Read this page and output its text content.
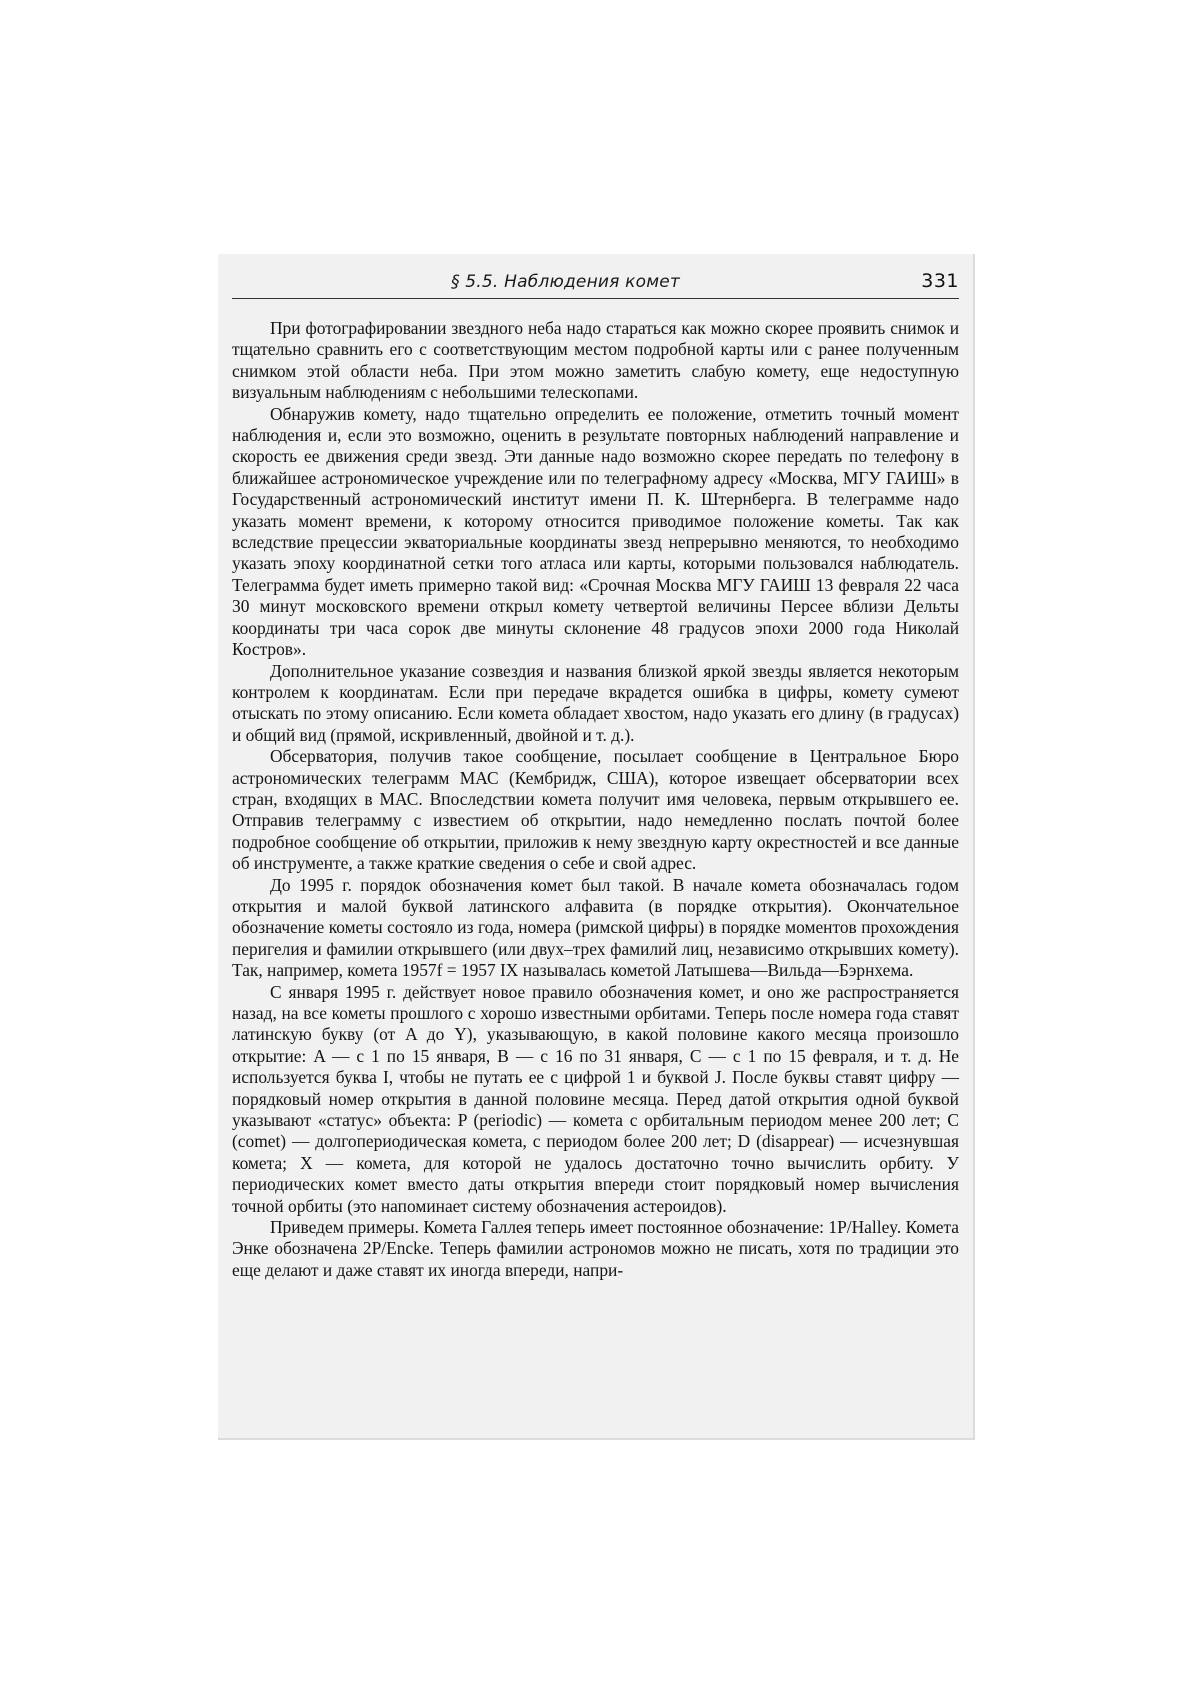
§ 5.5. Наблюдения комет	331

При фотографировании звездного неба надо стараться как можно скорее проявить снимок и тщательно сравнить его с соответствующим местом подробной карты или с ранее полученным снимком этой области неба. При этом можно заметить слабую комету, еще недоступную визуальным наблюдениям с небольшими телескопами.

Обнаружив комету, надо тщательно определить ее положение, отметить точный момент наблюдения и, если это возможно, оценить в результате повторных наблюдений направление и скорость ее движения среди звезд. Эти данные надо возможно скорее передать по телефону в ближайшее астрономическое учреждение или по телеграфному адресу «Москва, МГУ ГАИШ» в Государственный астрономический институт имени П. К. Штернберга. В телеграмме надо указать момент времени, к которому относится приводимое положение кометы. Так как вследствие прецессии экваториальные координаты звезд непрерывно меняются, то необходимо указать эпоху координатной сетки того атласа или карты, которыми пользовался наблюдатель. Телеграмма будет иметь примерно такой вид: «Срочная Москва МГУ ГАИШ 13 февраля 22 часа 30 минут московского времени открыл комету четвертой величины Персее вблизи Дельты координаты три часа сорок две минуты склонение 48 градусов эпохи 2000 года Николай Костров».

Дополнительное указание созвездия и названия близкой яркой звезды является некоторым контролем к координатам. Если при передаче вкрадется ошибка в цифры, комету сумеют отыскать по этому описанию. Если комета обладает хвостом, надо указать его длину (в градусах) и общий вид (прямой, искривленный, двойной и т. д.).

Обсерватория, получив такое сообщение, посылает сообщение в Центральное Бюро астрономических телеграмм МАС (Кембридж, США), которое извещает обсерватории всех стран, входящих в МАС. Впоследствии комета получит имя человека, первым открывшего ее. Отправив телеграмму с известием об открытии, надо немедленно послать почтой более подробное сообщение об открытии, приложив к нему звездную карту окрестностей и все данные об инструменте, а также краткие сведения о себе и свой адрес.

До 1995 г. порядок обозначения комет был такой. В начале комета обозначалась годом открытия и малой буквой латинского алфавита (в порядке открытия). Окончательное обозначение кометы состояло из года, номера (римской цифры) в порядке моментов прохождения перигелия и фамилии открывшего (или двух–трех фамилий лиц, независимо открывших комету). Так, например, комета 1957f = 1957 IX называлась кометой Латышева—Вильда—Бэрнхема.

С января 1995 г. действует новое правило обозначения комет, и оно же распространяется назад, на все кометы прошлого с хорошо известными орбитами. Теперь после номера года ставят латинскую букву (от A до Y), указывающую, в какой половине какого месяца произошло открытие: A — с 1 по 15 января, B — с 16 по 31 января, C — с 1 по 15 февраля, и т. д. Не используется буква I, чтобы не путать ее с цифрой 1 и буквой J. После буквы ставят цифру — порядковый номер открытия в данной половине месяца. Перед датой открытия одной буквой указывают «статус» объекта: P (periodic) — комета с орбитальным периодом менее 200 лет; C (comet) — долгопериодическая комета, с периодом более 200 лет; D (disappear) — исчезнувшая комета; X — комета, для которой не удалось достаточно точно вычислить орбиту. У периодических комет вместо даты открытия впереди стоит порядковый номер вычисления точной орбиты (это напоминает систему обозначения астероидов).

Приведем примеры. Комета Галлея теперь имеет постоянное обозначение: 1P/Halley. Комета Энке обозначена 2P/Encke. Теперь фамилии астрономов можно не писать, хотя по традиции это еще делают и даже ставят их иногда впереди, напри-
